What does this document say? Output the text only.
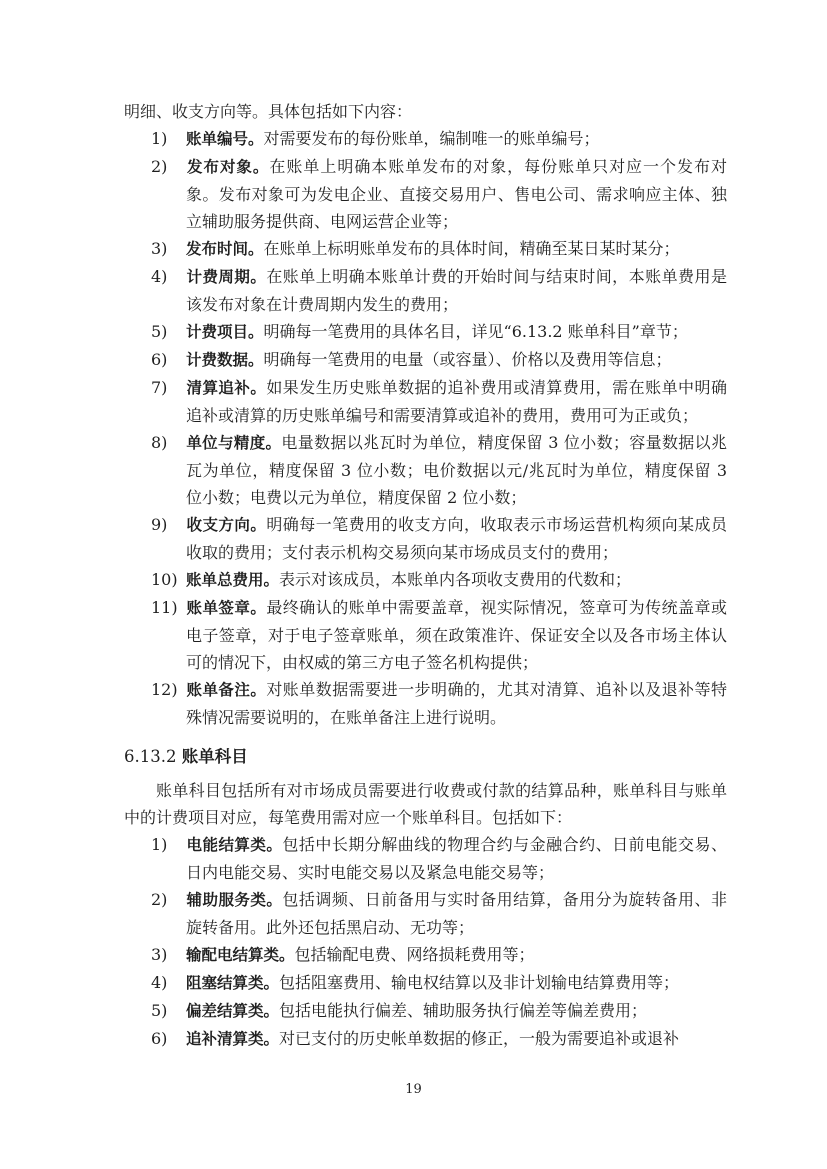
明细、收支方向等。具体包括如下内容：

1) 账单编号。对需要发布的每份账单，编制唯一的账单编号；
2) 发布对象。在账单上明确本账单发布的对象，每份账单只对应一个发布对象。发布对象可为发电企业、直接交易用户、售电公司、需求响应主体、独立辅助服务提供商、电网运营企业等；
3) 发布时间。在账单上标明账单发布的具体时间，精确至某日某时某分；
4) 计费周期。在账单上明确本账单计费的开始时间与结束时间，本账单费用是该发布对象在计费周期内发生的费用；
5) 计费项目。明确每一笔费用的具体名目，详见“6.13.2 账单科目”章节；
6) 计费数据。明确每一笔费用的电量（或容量）、价格以及费用等信息；
7) 清算追补。如果发生历史账单数据的追补费用或清算费用，需在账单中明确追补或清算的历史账单编号和需要清算或追补的费用，费用可为正或负；
8) 单位与精度。电量数据以兆瓦时为单位，精度保留 3 位小数；容量数据以兆瓦为单位，精度保留 3 位小数；电价数据以元/兆瓦时为单位，精度保留 3 位小数；电费以元为单位，精度保留 2 位小数；
9) 收支方向。明确每一笔费用的收支方向，收取表示市场运营机构须向某成员收取的费用；支付表示机构交易须向某市场成员支付的费用；
10) 账单总费用。表示对该成员，本账单内各项收支费用的代数和；
11) 账单签章。最终确认的账单中需要盖章，视实际情况，签章可为传统盖章或电子签章，对于电子签章账单，须在政策准许、保证安全以及各市场主体认可的情况下，由权威的第三方电子签名机构提供；
12) 账单备注。对账单数据需要进一步明确的，尤其对清算、追补以及退补等特殊情况需要说明的，在账单备注上进行说明。
6.13.2 账单科目

账单科目包括所有对市场成员需要进行收费或付款的结算品种，账单科目与账单中的计费项目对应，每笔费用需对应一个账单科目。包括如下：

1) 电能结算类。包括中长期分解曲线的物理合约与金融合约、日前电能交易、日内电能交易、实时电能交易以及紧急电能交易等；
2) 辅助服务类。包括调频、日前备用与实时备用结算，备用分为旋转备用、非旋转备用。此外还包括黑启动、无功等；
3) 输配电结算类。包括输配电费、网络损耗费用等；
4) 阻塞结算类。包括阻塞费用、输电权结算以及非计划输电结算费用等；
5) 偏差结算类。包括电能执行偏差、辅助服务执行偏差等偏差费用；
6) 追补清算类。对已支付的历史帐单数据的修正，一般为需要追补或退补
19
